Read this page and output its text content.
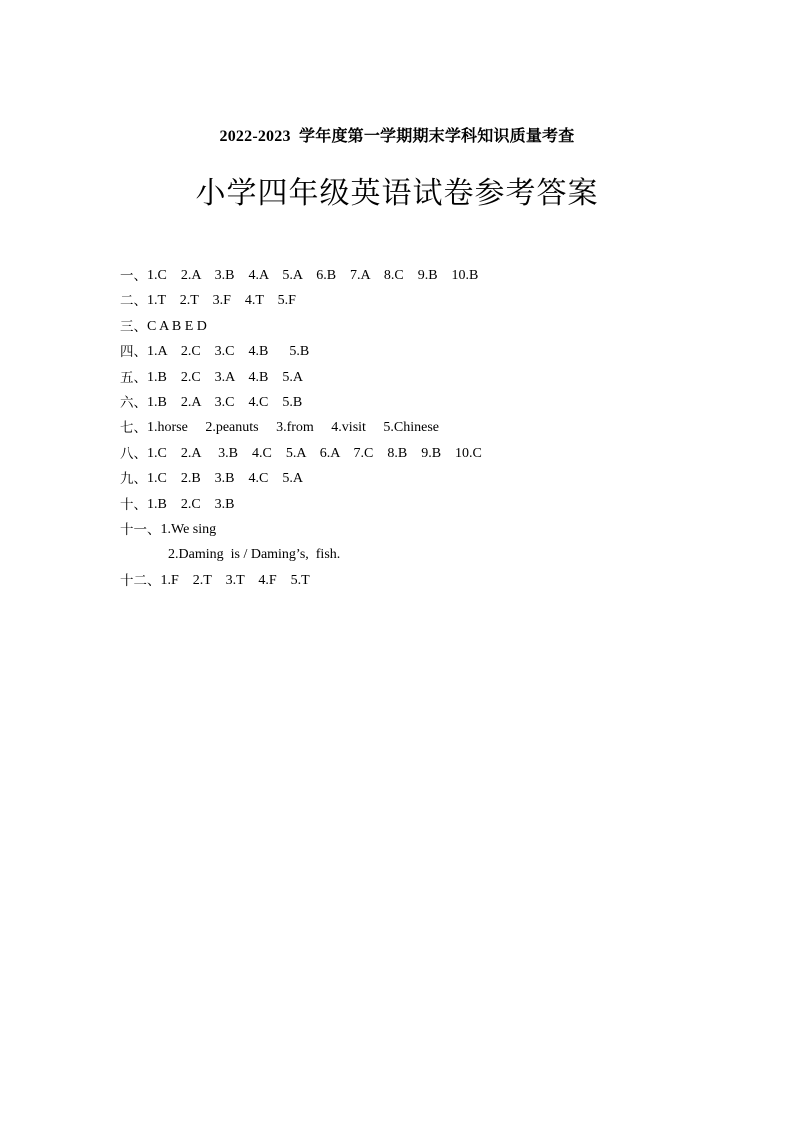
2022-2023  学年度第一学期期末学科知识质量考查
小学四年级英语试卷参考答案
一、 1.C    2.A    3.B    4.A    5.A    6.B    7.A    8.C    9.B    10.B
二、 1.T    2.T    3.F    4.T    5.F
三、 C A B E D
四、 1.A    2.C    3.C    4.B      5.B
五、 1.B    2.C    3.A    4.B    5.A
六、 1.B    2.A    3.C    4.C    5.B
七、 1.horse     2.peanuts     3.from     4.visit     5.Chinese
八、 1.C    2.A     3.B    4.C    5.A    6.A    7.C    8.B    9.B    10.C
九、 1.C    2.B    3.B    4.C    5.A
十、 1.B    2.C    3.B
十一、 1.We sing
2.Daming  is / Daming’s,  fish.
十二、 1.F    2.T    3.T    4.F    5.T
